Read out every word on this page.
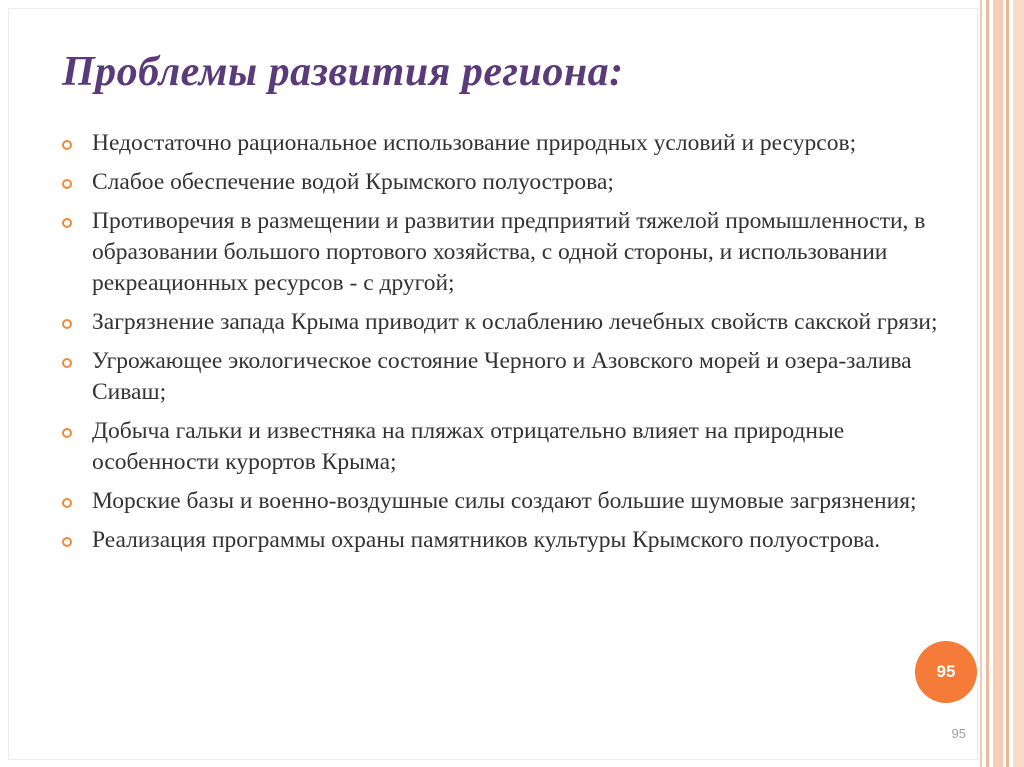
Проблемы развития региона:
Недостаточно рациональное использование природных условий и ресурсов;
Слабое обеспечение водой Крымского полуострова;
Противоречия в размещении и развитии предприятий тяжелой промышленности, в образовании большого портового хозяйства, с одной стороны, и использовании рекреационных ресурсов - с другой;
Загрязнение запада Крыма приводит к ослаблению лечебных свойств сакской грязи;
Угрожающее экологическое состояние Черного и Азовского морей и озера-залива Сиваш;
Добыча гальки и известняка на пляжах отрицательно влияет на природные особенности курортов Крыма;
Морские базы и военно-воздушные силы создают большие шумовые загрязнения;
Реализация программы охраны памятников культуры Крымского полуострова.
95
95
